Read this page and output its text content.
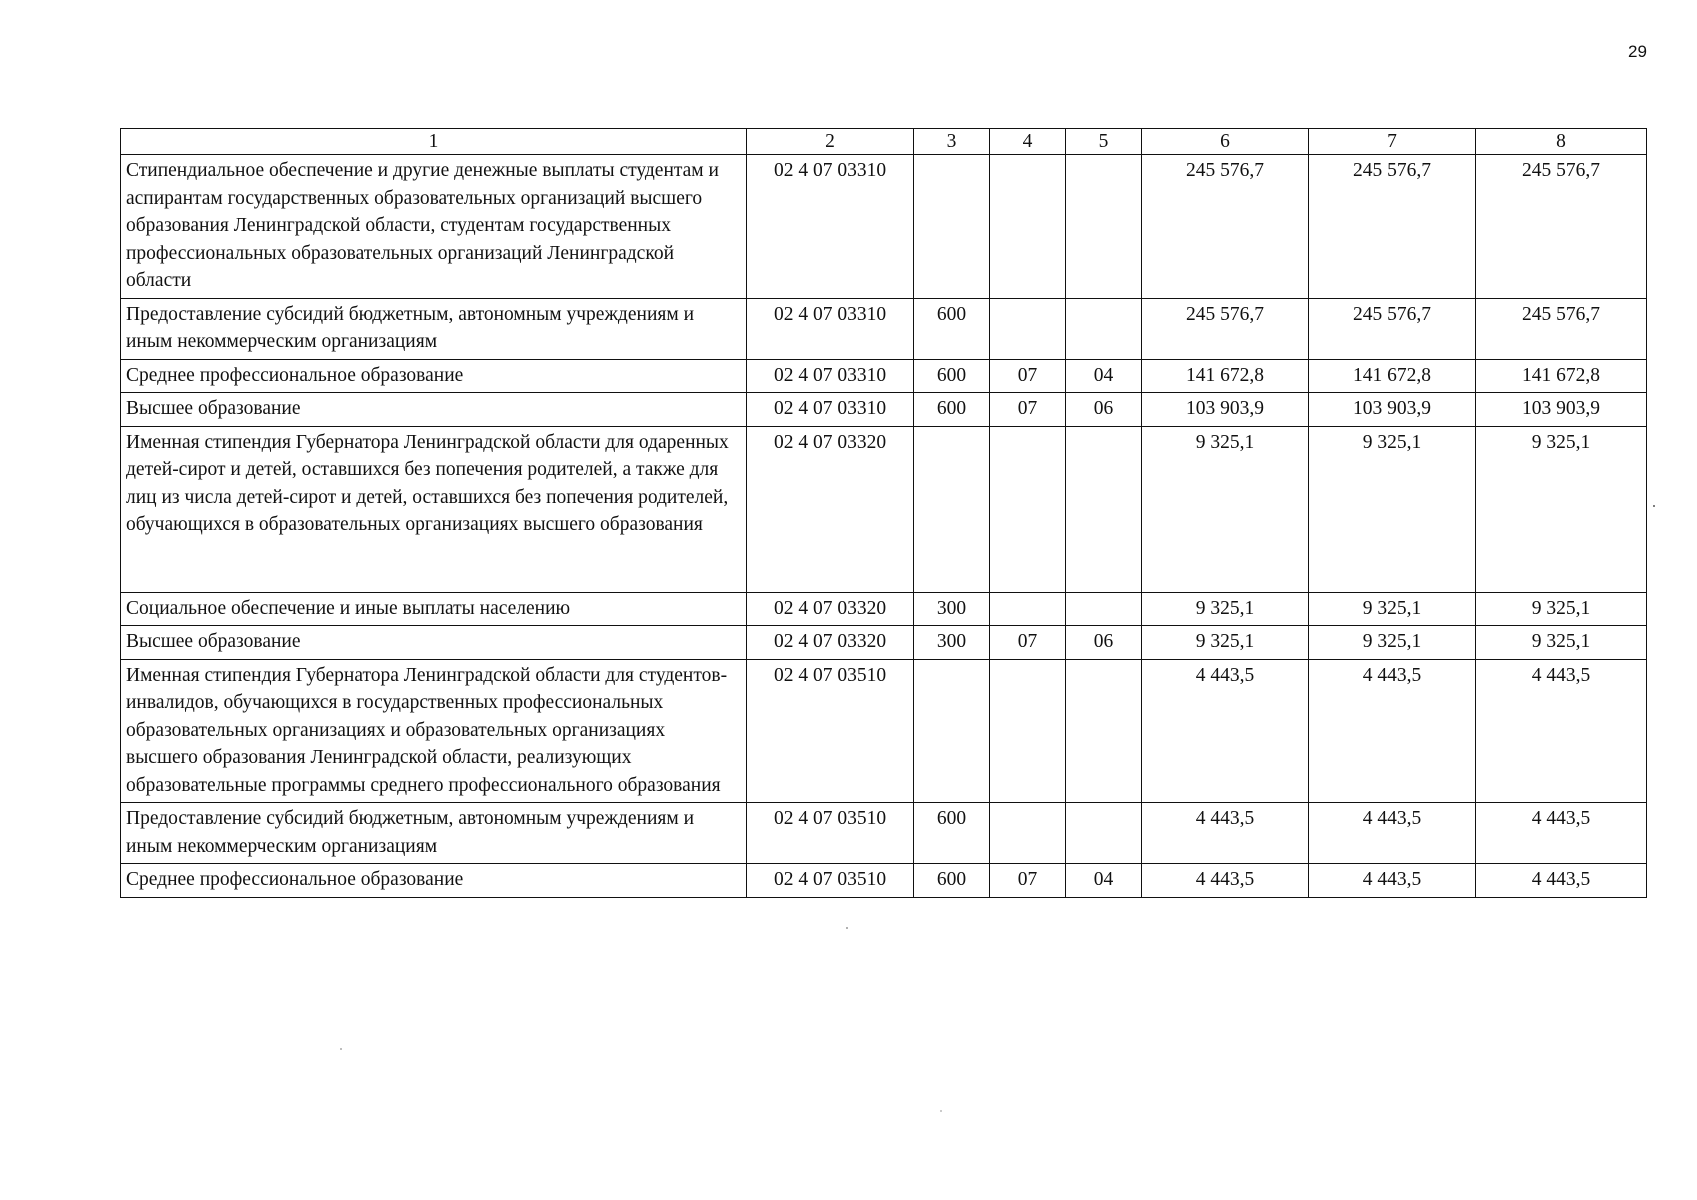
29
1	2	3	4	5	6	7	8
Стипендиальное обеспечение и другие денежные выплаты студентам и аспирантам государственных образовательных организаций высшего образования Ленинградской области, студентам государственных профессиональных образовательных организаций Ленинградской области	02 4 07 03310				245 576,7	245 576,7	245 576,7
Предоставление субсидий бюджетным, автономным учреждениям и иным некоммерческим организациям	02 4 07 03310	600			245 576,7	245 576,7	245 576,7
Среднее профессиональное образование	02 4 07 03310	600	07	04	141 672,8	141 672,8	141 672,8
Высшее образование	02 4 07 03310	600	07	06	103 903,9	103 903,9	103 903,9
Именная стипендия Губернатора Ленинградской области для одаренных детей-сирот и детей, оставшихся без попечения родителей, а также для лиц из числа детей-сирот и детей, оставшихся без попечения родителей, обучающихся в образовательных организациях высшего образования	02 4 07 03320				9 325,1	9 325,1	9 325,1
Социальное обеспечение и иные выплаты населению	02 4 07 03320	300			9 325,1	9 325,1	9 325,1
Высшее образование	02 4 07 03320	300	07	06	9 325,1	9 325,1	9 325,1
Именная стипендия Губернатора Ленинградской области для студентов-инвалидов, обучающихся в государственных профессиональных образовательных организациях и образовательных организациях высшего образования Ленинградской области, реализующих образовательные программы среднего профессионального образования	02 4 07 03510				4 443,5	4 443,5	4 443,5
Предоставление субсидий бюджетным, автономным учреждениям и иным некоммерческим организациям	02 4 07 03510	600			4 443,5	4 443,5	4 443,5
Среднее профессиональное образование	02 4 07 03510	600	07	04	4 443,5	4 443,5	4 443,5
